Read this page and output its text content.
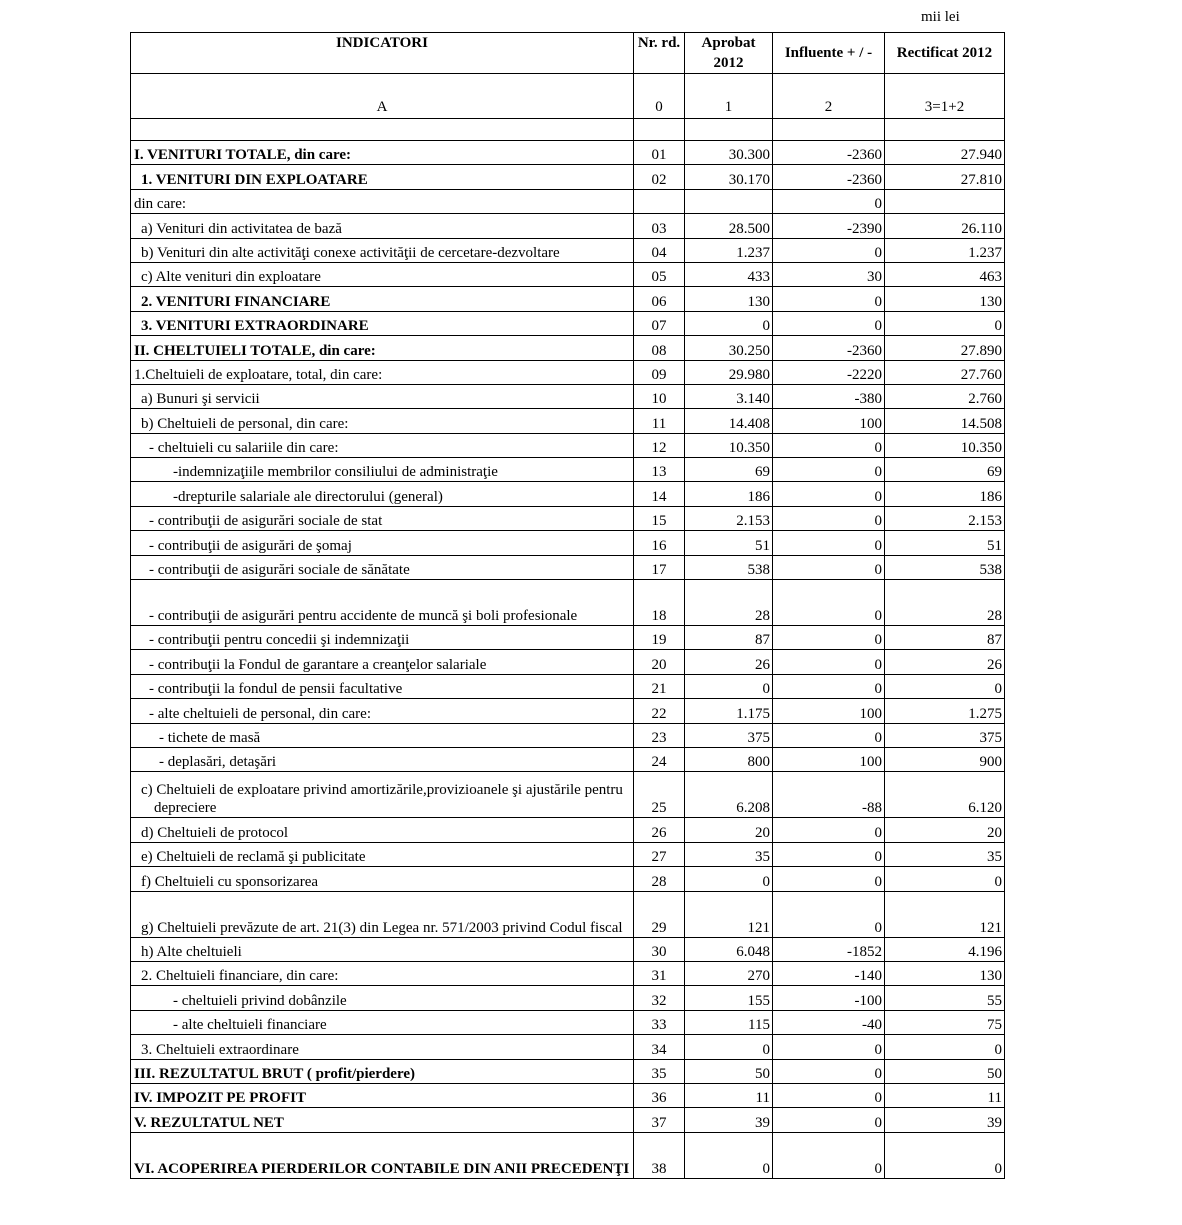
mii lei
INDICATORI	Nr. rd.	Aprobat 2012	Influente + / -	Rectificat 2012
A	0	1	2	3=1+2

I. VENITURI TOTALE, din care:	01	30.300	-2360	27.940
1. VENITURI DIN EXPLOATARE	02	30.170	-2360	27.810
din care:			0	
a) Venituri din activitatea de bază	03	28.500	-2390	26.110
b) Venituri din alte activităţi conexe activităţii de cercetare-dezvoltare	04	1.237	0	1.237
c) Alte venituri din exploatare	05	433	30	463
2. VENITURI FINANCIARE	06	130	0	130
3. VENITURI EXTRAORDINARE	07	0	0	0
II. CHELTUIELI TOTALE, din care:	08	30.250	-2360	27.890
1.Cheltuieli de exploatare, total, din care:	09	29.980	-2220	27.760
a) Bunuri şi servicii	10	3.140	-380	2.760
b) Cheltuieli de personal, din care:	11	14.408	100	14.508
- cheltuieli cu salariile din care:	12	10.350	0	10.350
-indemnizaţiile membrilor consiliului de administraţie	13	69	0	69
-drepturile salariale ale directorului (general)	14	186	0	186
- contribuţii de asigurări sociale de stat	15	2.153	0	2.153
- contribuţii de asigurări de şomaj	16	51	0	51
- contribuţii de asigurări sociale de sănătate	17	538	0	538

- contribuţii de asigurări pentru accidente de muncă şi boli profesionale	18	28	0	28
- contribuţii pentru concedii şi indemnizaţii	19	87	0	87
- contribuţii la Fondul de garantare a creanţelor salariale	20	26	0	26
- contribuţii la fondul de pensii facultative	21	0	0	0
- alte cheltuieli de personal, din care:	22	1.175	100	1.275
- tichete de masă	23	375	0	375
- deplasări, detaşări	24	800	100	900

c) Cheltuieli de exploatare privind amortizările,provizioanele şi ajustările pentru depreciere	25	6.208	-88	6.120
d) Cheltuieli de protocol	26	20	0	20
e) Cheltuieli de reclamă şi publicitate	27	35	0	35
f) Cheltuieli cu sponsorizarea	28	0	0	0

g) Cheltuieli prevăzute de art. 21(3) din Legea nr. 571/2003 privind Codul fiscal	29	121	0	121
h) Alte cheltuieli	30	6.048	-1852	4.196
2. Cheltuieli financiare, din care:	31	270	-140	130
- cheltuieli privind dobânzile	32	155	-100	55
- alte cheltuieli financiare	33	115	-40	75
3. Cheltuieli extraordinare	34	0	0	0
III. REZULTATUL BRUT ( profit/pierdere)	35	50	0	50
IV. IMPOZIT PE PROFIT	36	11	0	11
V. REZULTATUL NET	37	39	0	39

VI. ACOPERIREA PIERDERILOR CONTABILE DIN ANII PRECEDENŢI	38	0	0	0
